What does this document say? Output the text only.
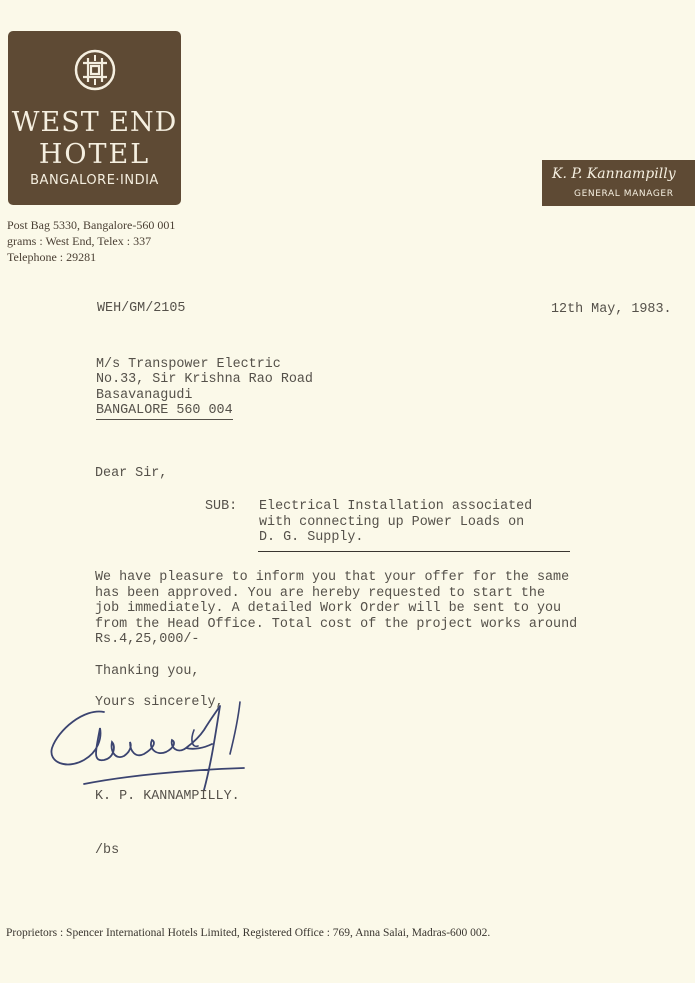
WEST END
HOTEL
BANGALORE·INDIA	K. P. Kannampilly
GENERAL MANAGER
Post Bag 5330, Bangalore-560 001
grams : West End, Telex : 337
Telephone : 29281
WEH/GM/2105	12th May, 1983.
M/s Transpower Electric
No.33, Sir Krishna Rao Road
Basavanagudi
BANGALORE 560 004
Dear Sir,
SUB: Electrical Installation associated
with connecting up Power Loads on
D. G. Supply.
We have pleasure to inform you that your offer for the same
has been approved. You are hereby requested to start the
job immediately. A detailed Work Order will be sent to you
from the Head Office. Total cost of the project works around
Rs.4,25,000/-
Thanking you,
Yours sincerely,
K. P. KANNAMPILLY.
/bs
Proprietors : Spencer International Hotels Limited, Registered Office : 769, Anna Salai, Madras-600 002.
